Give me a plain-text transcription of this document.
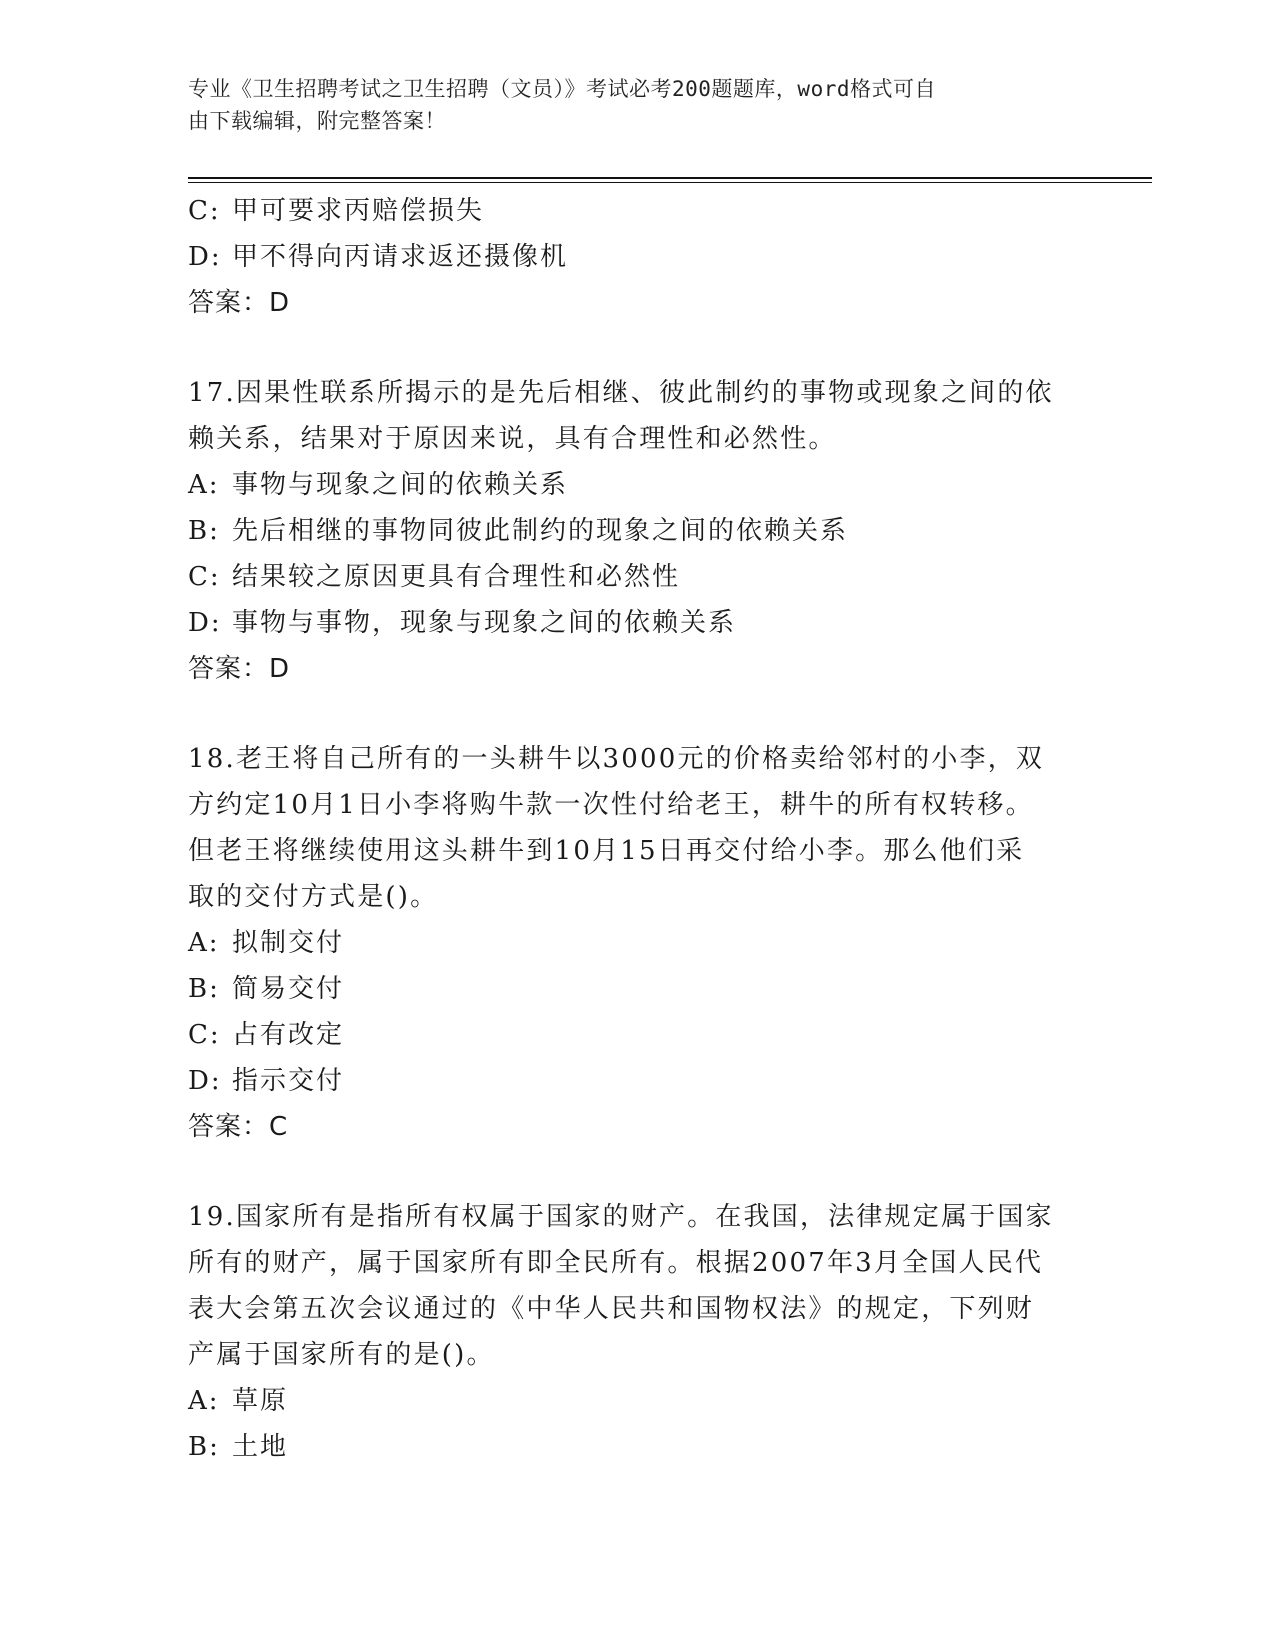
专业《卫生招聘考试之卫生招聘（文员）》考试必考200题题库，word格式可自
由下载编辑，附完整答案！
C: 甲可要求丙赔偿损失
D: 甲不得向丙请求返还摄像机
答案：D
17.因果性联系所揭示的是先后相继、彼此制约的事物或现象之间的依
赖关系，结果对于原因来说，具有合理性和必然性。
A: 事物与现象之间的依赖关系
B: 先后相继的事物同彼此制约的现象之间的依赖关系
C: 结果较之原因更具有合理性和必然性
D: 事物与事物，现象与现象之间的依赖关系
答案：D
18.老王将自己所有的一头耕牛以3000元的价格卖给邻村的小李，双
方约定10月1日小李将购牛款一次性付给老王，耕牛的所有权转移。
但老王将继续使用这头耕牛到10月15日再交付给小李。那么他们采
取的交付方式是()。
A: 拟制交付
B: 简易交付
C: 占有改定
D: 指示交付
答案：C
19.国家所有是指所有权属于国家的财产。在我国，法律规定属于国家
所有的财产，属于国家所有即全民所有。根据2007年3月全国人民代
表大会第五次会议通过的《中华人民共和国物权法》的规定，下列财
产属于国家所有的是()。
A: 草原
B: 土地
